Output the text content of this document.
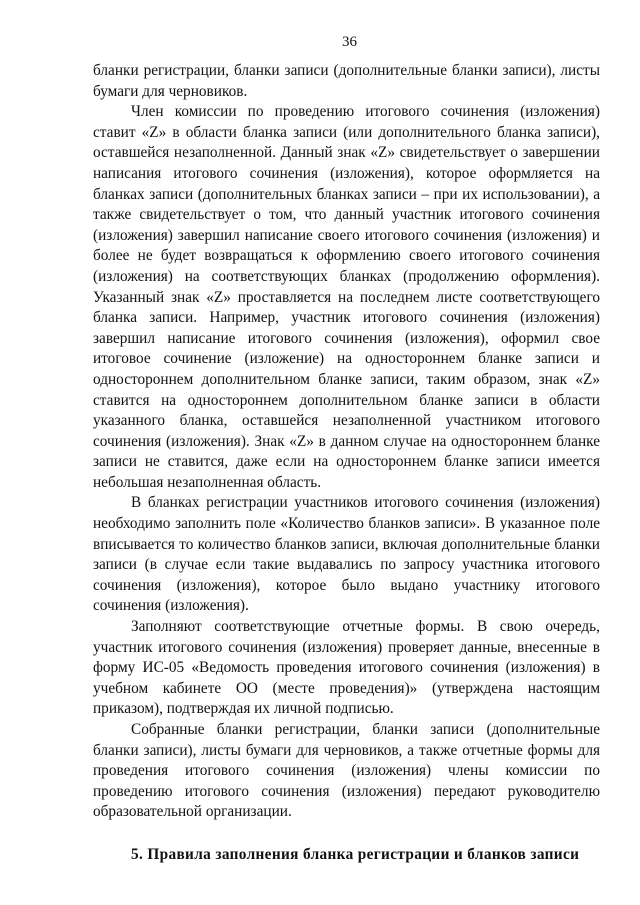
36

бланки регистрации, бланки записи (дополнительные бланки записи), листы бумаги для черновиков.

Член комиссии по проведению итогового сочинения (изложения) ставит «Z» в области бланка записи (или дополнительного бланка записи), оставшейся незаполненной. Данный знак «Z» свидетельствует о завершении написания итогового сочинения (изложения), которое оформляется на бланках записи (дополнительных бланках записи – при их использовании), а также свидетельствует о том, что данный участник итогового сочинения (изложения) завершил написание своего итогового сочинения (изложения) и более не будет возвращаться к оформлению своего итогового сочинения (изложения) на соответствующих бланках (продолжению оформления). Указанный знак «Z» проставляется на последнем листе соответствующего бланка записи. Например, участник итогового сочинения (изложения) завершил написание итогового сочинения (изложения), оформил свое итоговое сочинение (изложение) на одностороннем бланке записи и одностороннем дополнительном бланке записи, таким образом, знак «Z» ставится на одностороннем дополнительном бланке записи в области указанного бланка, оставшейся незаполненной участником итогового сочинения (изложения). Знак «Z» в данном случае на одностороннем бланке записи не ставится, даже если на одностороннем бланке записи имеется небольшая незаполненная область.

В бланках регистрации участников итогового сочинения (изложения) необходимо заполнить поле «Количество бланков записи». В указанное поле вписывается то количество бланков записи, включая дополнительные бланки записи (в случае если такие выдавались по запросу участника итогового сочинения (изложения), которое было выдано участнику итогового сочинения (изложения).

Заполняют соответствующие отчетные формы. В свою очередь, участник итогового сочинения (изложения) проверяет данные, внесенные в форму ИС-05 «Ведомость проведения итогового сочинения (изложения) в учебном кабинете ОО (месте проведения)» (утверждена настоящим приказом), подтверждая их личной подписью.

Собранные бланки регистрации, бланки записи (дополнительные бланки записи), листы бумаги для черновиков, а также отчетные формы для проведения итогового сочинения (изложения) члены комиссии по проведению итогового сочинения (изложения) передают руководителю образовательной организации.

5. Правила заполнения бланка регистрации и бланков записи
